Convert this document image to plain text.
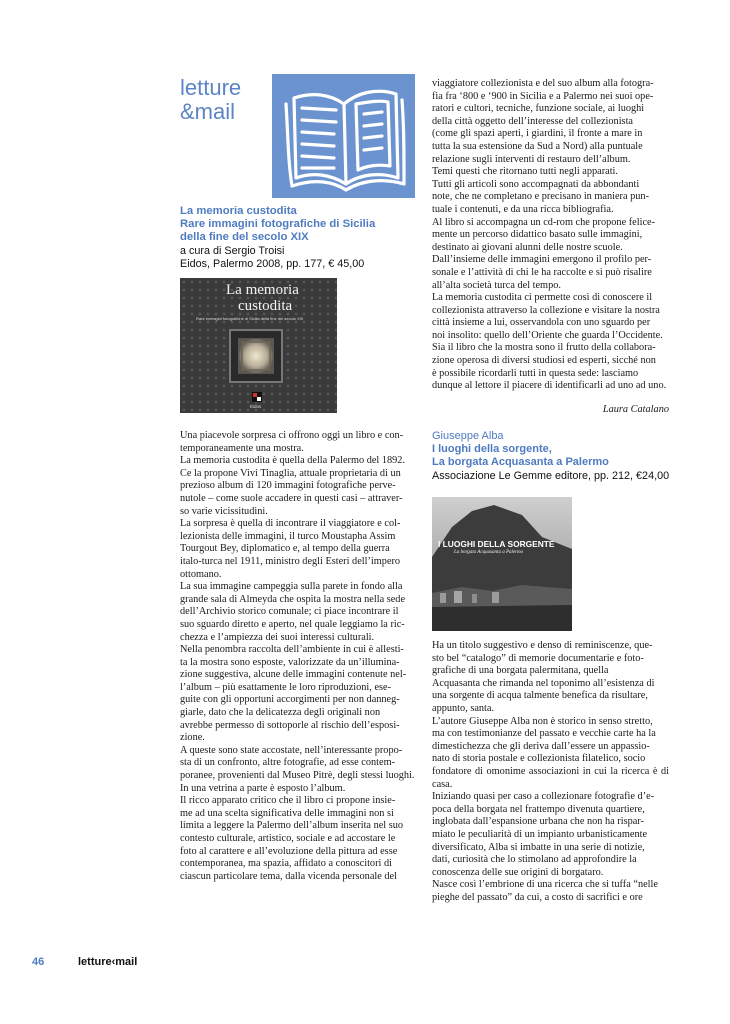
letture
&mail
La memoria custodita
Rare immagini fotografiche di Sicilia
della fine del secolo XIX
a cura di Sergio Troisi
Eidos, Palermo 2008, pp. 177, € 45,00
La memoria
custodita
Rare immagini fotografiche di Sicilia della fine del secolo XIX
Eidos

Una piacevole sorpresa ci offrono oggi un libro e con-

temporaneamente una mostra.

La memoria custodita è quella della Palermo del 1892.

Ce la propone Vivi Tinaglia, attuale proprietaria di un

prezioso album di 120 immagini fotografiche perve-

nutole – come suole accadere in questi casi – attraver-

so varie vicissitudini.

La sorpresa è quella di incontrare il viaggiatore e col-

lezionista delle immagini, il turco Moustapha Assim

Tourgout Bey, diplomatico e, al tempo della guerra

italo-turca nel 1911, ministro degli Esteri dell’impero

ottomano.

La sua immagine campeggia sulla parete in fondo alla

grande sala di Almeyda che ospita la mostra nella sede

dell’Archivio storico comunale; ci piace incontrare il

suo sguardo diretto e aperto, nel quale leggiamo la ric-

chezza e l’ampiezza dei suoi interessi culturali.

Nella penombra raccolta dell’ambiente in cui è allesti-

ta la mostra sono esposte, valorizzate da un’illumina-

zione suggestiva, alcune delle immagini contenute nel-

l’album – più esattamente le loro riproduzioni, ese-

guite con gli opportuni accorgimenti per non danneg-

giarle, dato che la delicatezza degli originali non

avrebbe permesso di sottoporle al rischio dell’esposi-

zione.

A queste sono state accostate, nell’interessante propo-

sta di un confronto, altre fotografie, ad esse contem-

poranee, provenienti dal Museo Pitrè, degli stessi luoghi.

In una vetrina a parte è esposto l’album.

Il ricco apparato critico che il libro ci propone insie-

me ad una scelta significativa delle immagini non si

limita a leggere la Palermo dell’album inserita nel suo

contesto culturale, artistico, sociale e ad accostare le

foto al carattere e all’evoluzione della pittura ad esse

contemporanea, ma spazia, affidato a conoscitori di

ciascun particolare tema, dalla vicenda personale del

viaggiatore collezionista e del suo album alla fotogra-

fia fra ‘800 e ‘900 in Sicilia e a Palermo nei suoi ope-

ratori e cultori, tecniche, funzione sociale, ai luoghi

della città oggetto dell’interesse del collezionista

(come gli spazi aperti, i giardini, il fronte a mare in

tutta la sua estensione da Sud a Nord) alla puntuale

relazione sugli interventi di restauro dell’album.

Temi questi che ritornano tutti negli apparati.

Tutti gli articoli sono accompagnati da abbondanti

note, che ne completano e precisano in maniera pun-

tuale i contenuti, e da una ricca bibliografia.

Al libro si accompagna un cd-rom che propone felice-

mente un percorso didattico basato sulle immagini,

destinato ai giovani alunni delle nostre scuole.

Dall’insieme delle immagini emergono il profilo per-

sonale e l’attività di chi le ha raccolte e si può risalire

all’alta società turca del tempo.

La memoria custodita ci permette così di conoscere il

collezionista attraverso la collezione e visitare la nostra

città insieme a lui, osservandola con uno sguardo per

noi insolito: quello dell’Oriente che guarda l’Occidente.

Sia il libro che la mostra sono il frutto della collabora-

zione operosa di diversi studiosi ed esperti, sicché non

è possibile ricordarli tutti in questa sede: lasciamo

dunque al lettore il piacere di identificarli ad uno ad uno.

Laura Catalano
Giuseppe Alba
I luoghi della sorgente,
La borgata Acquasanta a Palermo
Associazione Le Gemme editore, pp. 212, €24,00
I LUOGHI DELLA SORGENTE
La borgata Acquasanta a Palermo

Ha un titolo suggestivo e denso di reminiscenze, que-

sto bel “catalogo” di memorie documentarie e foto-

grafiche di una borgata palermitana, quella

Acquasanta che rimanda nel toponimo all’esistenza di

una sorgente di acqua talmente benefica da risultare,

appunto, santa.

L’autore Giuseppe Alba non è storico in senso stretto,

ma con testimonianze del passato e vecchie carte ha la

dimestichezza che gli deriva dall’essere un appassio-

nato di storia postale e collezionista filatelico, socio

fondatore di omonime associazioni in cui la ricerca è di casa.

Iniziando quasi per caso a collezionare fotografie d’e-

poca della borgata nel frattempo divenuta quartiere,

inglobata dall’espansione urbana che non ha rispar-

miato le peculiarità di un impianto urbanisticamente

diversificato, Alba si imbatte in una serie di notizie,

dati, curiosità che lo stimolano ad approfondire la

conoscenza delle sue origini di borgatаro.

Nasce così l’embrione di una ricerca che si tuffa “nelle

pieghe del passato” da cui, a costo di sacrifici e ore

46	letture‹mail
